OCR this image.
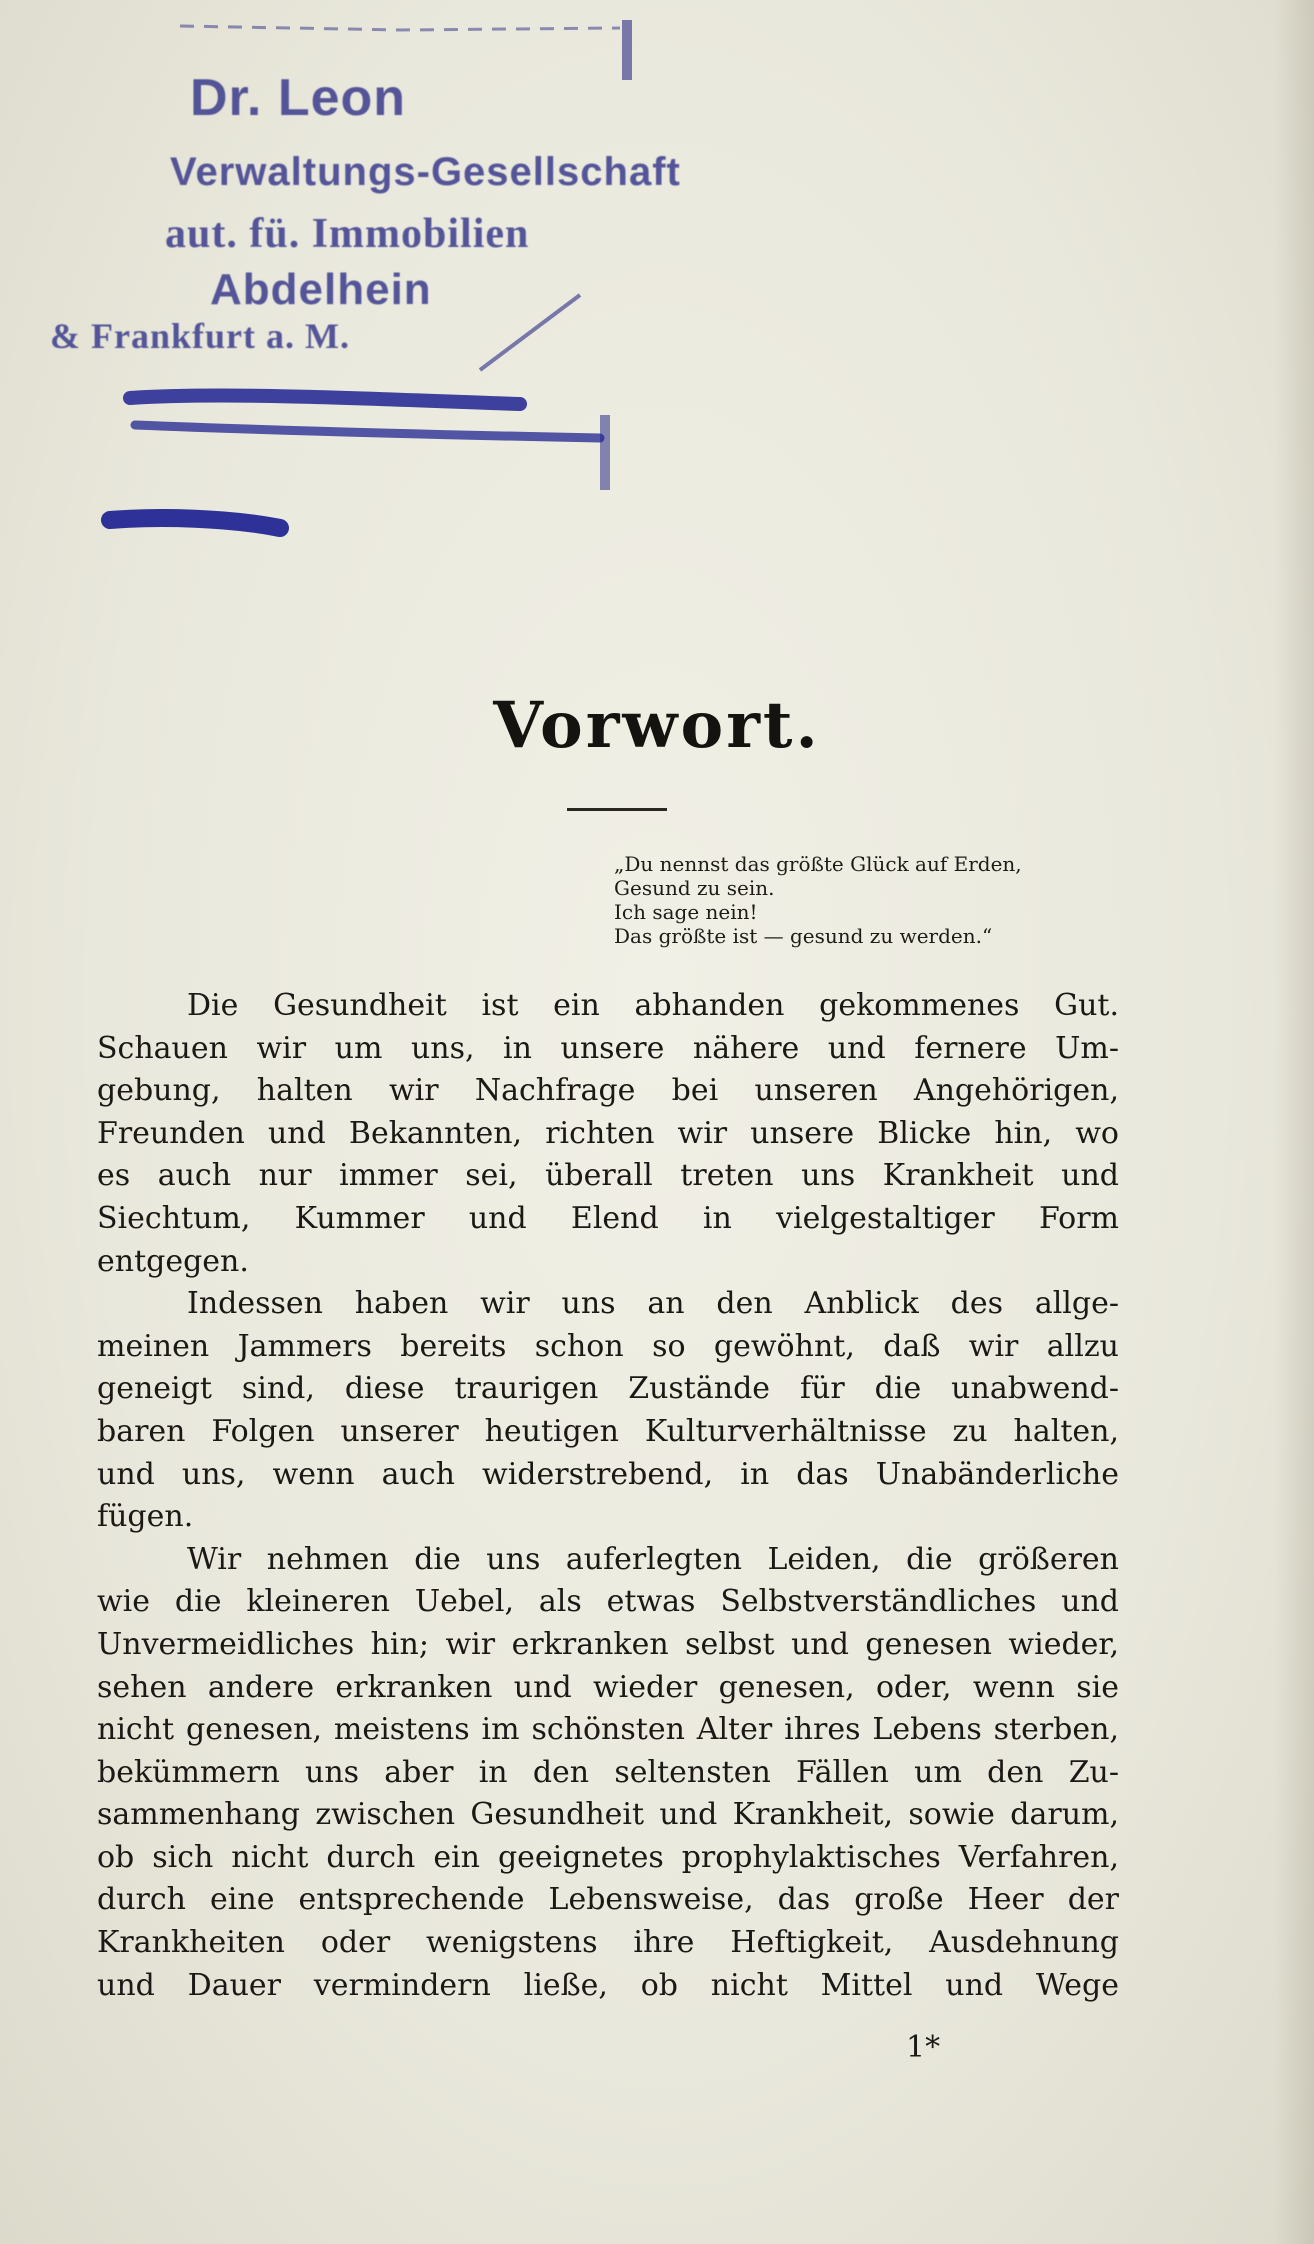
Dr. Leon
Verwaltungs-Gesellschaft
aut. fü. Immobilien
Abdelhein
& Frankfurt a. M.
Vorwort.
„Du nennst das größte Glück auf Erden,
Gesund zu sein.
Ich sage nein!
Das größte ist — gesund zu werden.“
Die Gesundheit ist ein abhanden gekommenes Gut.
Schauen wir um uns, in unsere nähere und fernere Um-
gebung, halten wir Nachfrage bei unseren Angehörigen,
Freunden und Bekannten, richten wir unsere Blicke hin, wo
es auch nur immer sei, überall treten uns Krankheit und
Siechtum, Kummer und Elend in vielgestaltiger Form
entgegen.
Indessen haben wir uns an den Anblick des allge-
meinen Jammers bereits schon so gewöhnt, daß wir allzu
geneigt sind, diese traurigen Zustände für die unabwend-
baren Folgen unserer heutigen Kulturverhältnisse zu halten,
und uns, wenn auch widerstrebend, in das Unabänderliche
fügen.
Wir nehmen die uns auferlegten Leiden, die größeren
wie die kleineren Uebel, als etwas Selbstverständliches und
Unvermeidliches hin; wir erkranken selbst und genesen wieder,
sehen andere erkranken und wieder genesen, oder, wenn sie
nicht genesen, meistens im schönsten Alter ihres Lebens sterben,
bekümmern uns aber in den seltensten Fällen um den Zu-
sammenhang zwischen Gesundheit und Krankheit, sowie darum,
ob sich nicht durch ein geeignetes prophylaktisches Verfahren,
durch eine entsprechende Lebensweise, das große Heer der
Krankheiten oder wenigstens ihre Heftigkeit, Ausdehnung
und Dauer vermindern ließe, ob nicht Mittel und Wege
1*
